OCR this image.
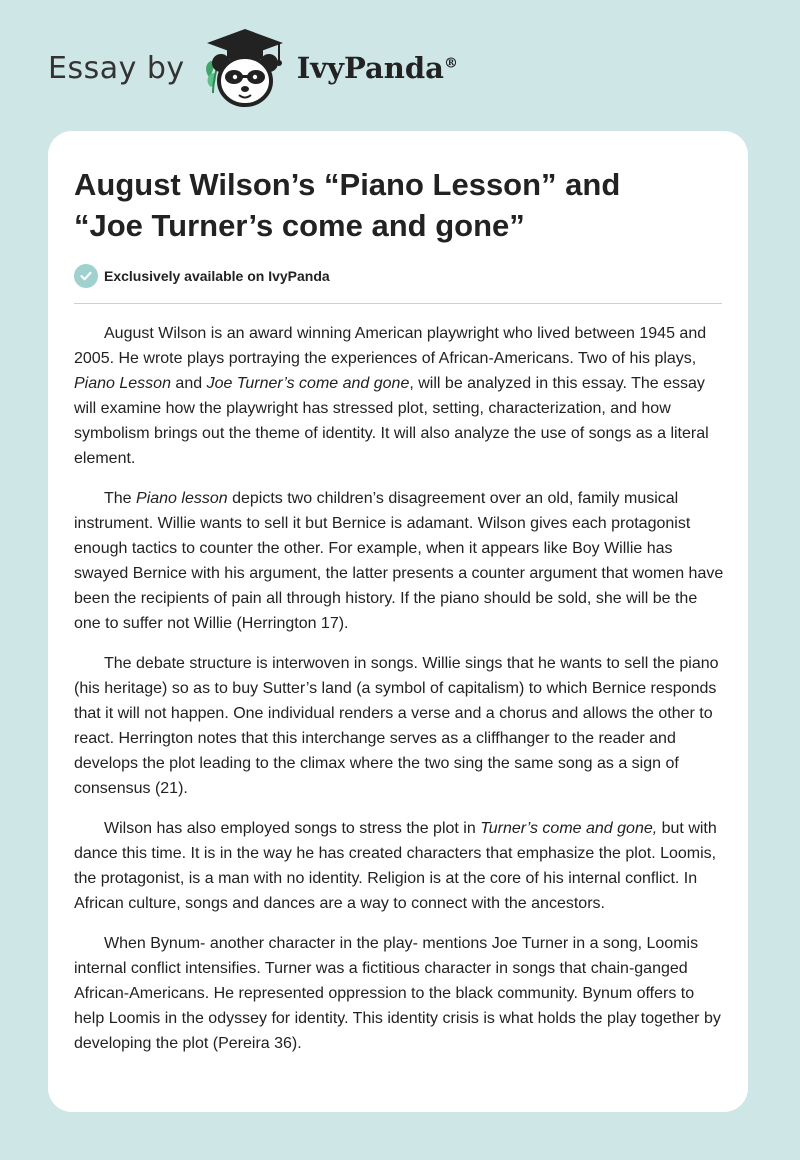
Essay by	IvyPanda®
August Wilson’s “Piano Lesson” and
“Joe Turner’s come and gone”
Exclusively available on IvyPanda

August Wilson is an award winning American playwright who lived between 1945 and 2005. He wrote plays portraying the experiences of African-Americans. Two of his plays, Piano Lesson and Joe Turner’s come and gone, will be analyzed in this essay. The essay will examine how the playwright has stressed plot, setting, characterization, and how symbolism brings out the theme of identity. It will also analyze the use of songs as a literal element.

The Piano lesson depicts two children’s disagreement over an old, family musical instrument. Willie wants to sell it but Bernice is adamant. Wilson gives each protagonist enough tactics to counter the other. For example, when it appears like Boy Willie has swayed Bernice with his argument, the latter presents a counter argument that women have been the recipients of pain all through history. If the piano should be sold, she will be the one to suffer not Willie (Herrington 17).

The debate structure is interwoven in songs. Willie sings that he wants to sell the piano (his heritage) so as to buy Sutter’s land (a symbol of capitalism) to which Bernice responds that it will not happen. One individual renders a verse and a chorus and allows the other to react. Herrington notes that this interchange serves as a cliffhanger to the reader and develops the plot leading to the climax where the two sing the same song as a sign of consensus (21).

Wilson has also employed songs to stress the plot in Turner’s come and gone, but with dance this time. It is in the way he has created characters that emphasize the plot. Loomis, the protagonist, is a man with no identity. Religion is at the core of his internal conflict. In African culture, songs and dances are a way to connect with the ancestors.

When Bynum- another character in the play- mentions Joe Turner in a song, Loomis internal conflict intensifies. Turner was a fictitious character in songs that chain-ganged African-Americans. He represented oppression to the black community. Bynum offers to help Loomis in the odyssey for identity. This identity crisis is what holds the play together by developing the plot (Pereira 36).
